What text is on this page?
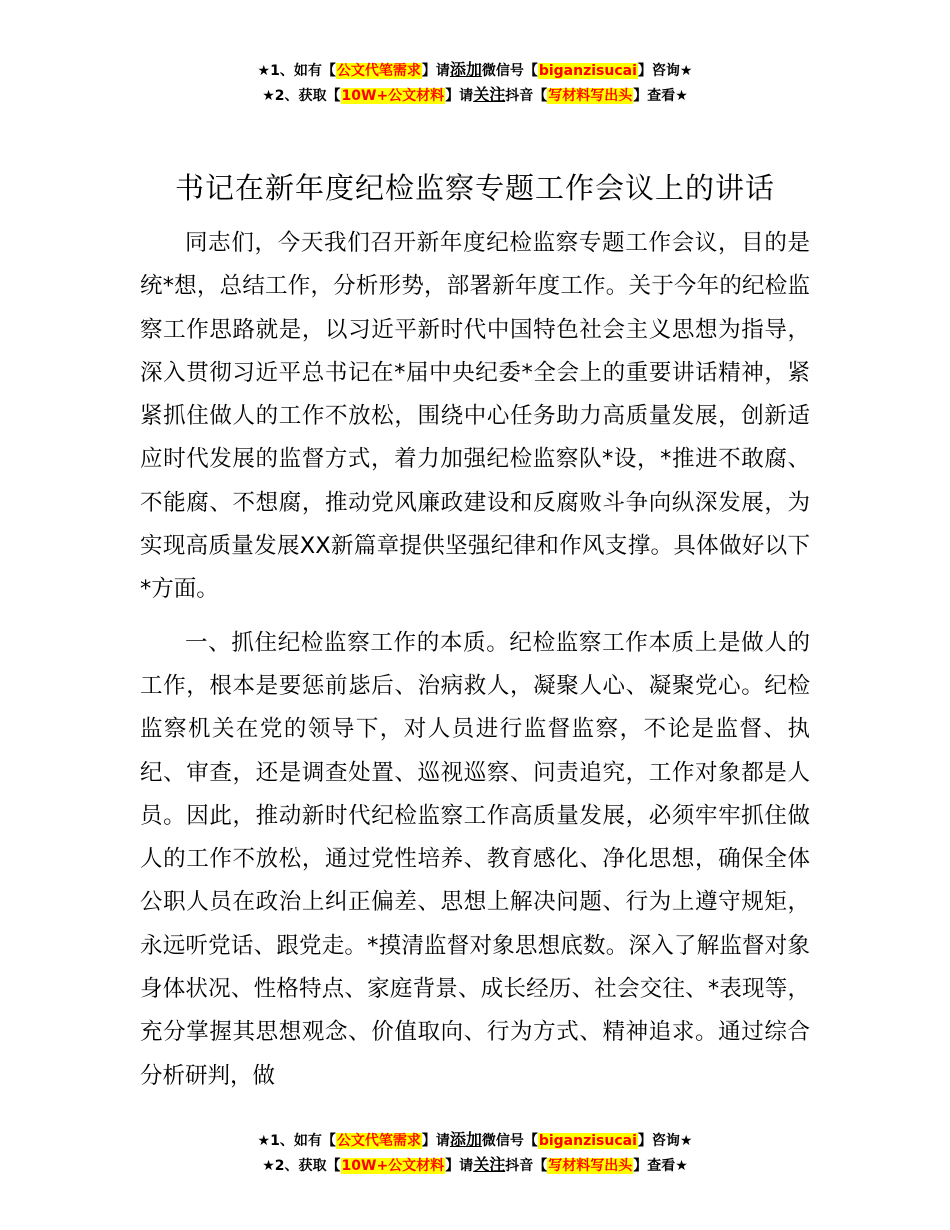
★1、如有【公文代笔需求】请添加微信号【biganzisucai】咨询★
★2、获取【10W+公文材料】请关注抖音【写材料写出头】查看★
书记在新年度纪检监察专题工作会议上的讲话

同志们，今天我们召开新年度纪检监察专题工作会议，目的是统*想，总结工作，分析形势，部署新年度工作。关于今年的纪检监察工作思路就是，以习近平新时代中国特色社会主义思想为指导，深入贯彻习近平总书记在*届中央纪委*全会上的重要讲话精神，紧紧抓住做人的工作不放松，围绕中心任务助力高质量发展，创新适应时代发展的监督方式，着力加强纪检监察队*设，*推进不敢腐、不能腐、不想腐，推动党风廉政建设和反腐败斗争向纵深发展，为实现高质量发展XX新篇章提供坚强纪律和作风支撑。具体做好以下*方面。

一、抓住纪检监察工作的本质。纪检监察工作本质上是做人的工作，根本是要惩前毖后、治病救人，凝聚人心、凝聚党心。纪检监察机关在党的领导下，对人员进行监督监察，不论是监督、执纪、审查，还是调查处置、巡视巡察、问责追究，工作对象都是人员。因此，推动新时代纪检监察工作高质量发展，必须牢牢抓住做人的工作不放松，通过党性培养、教育感化、净化思想，确保全体公职人员在政治上纠正偏差、思想上解决问题、行为上遵守规矩，永远听党话、跟党走。*摸清监督对象思想底数。深入了解监督对象身体状况、性格特点、家庭背景、成长经历、社会交往、*表现等，充分掌握其思想观念、价值取向、行为方式、精神追求。通过综合分析研判，做

★1、如有【公文代笔需求】请添加微信号【biganzisucai】咨询★
★2、获取【10W+公文材料】请关注抖音【写材料写出头】查看★
